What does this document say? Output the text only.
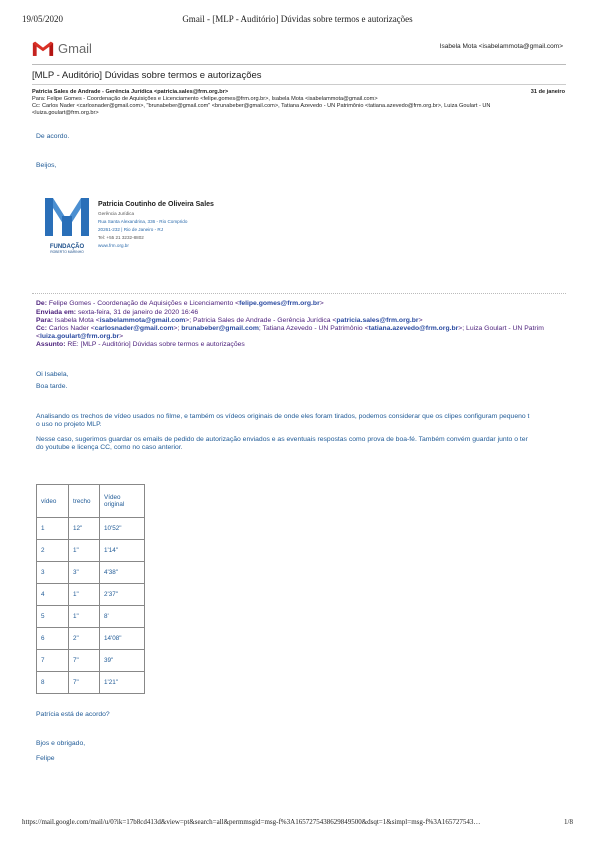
19/05/2020	Gmail - [MLP - Auditório] Dúvidas sobre termos e autorizações
Gmail	Isabela Mota <isabelammota@gmail.com>
[MLP - Auditório] Dúvidas sobre termos e autorizações
Patricia Sales de Andrade - Gerência Jurídica <patricia.sales@frm.org.br>	31 de janeiro
Para: Felipe Gomes - Coordenação de Aquisições e Licenciamento <felipe.gomes@frm.org.br>, Isabela Mota <isabelammota@gmail.com>
Cc: Carlos Nader <carlosnader@gmail.com>, "brunabeber@gmail.com" <brunabeber@gmail.com>, Tatiana Azevedo - UN Patrimônio <tatiana.azevedo@frm.org.br>, Luiza Goulart - UN
<luiza.goulart@frm.org.br>
De acordo.
Beijos,
FUNDAÇÃO
ROBERTO MARINHO
Patricia Coutinho de Oliveira Sales
Gerência Jurídica
Rua Santa Alexandrina, 336 - Rio Comprido
20261-232 | Rio de Janeiro - RJ
Tel: +55 21 3232-8802
www.frm.org.br
De: Felipe Gomes - Coordenação de Aquisições e Licenciamento <felipe.gomes@frm.org.br>
Enviada em: sexta-feira, 31 de janeiro de 2020 16:46
Para: Isabela Mota <isabelammota@gmail.com>; Patricia Sales de Andrade - Gerência Jurídica <patricia.sales@frm.org.br>
Cc: Carlos Nader <carlosnader@gmail.com>; brunabeber@gmail.com; Tatiana Azevedo - UN Patrimônio <tatiana.azevedo@frm.org.br>; Luiza Goulart - UN Patrim
<luiza.goulart@frm.org.br>
Assunto: RE: [MLP - Auditório] Dúvidas sobre termos e autorizações
Oi Isabela,
Boa tarde.
Analisando os trechos de vídeo usados no filme, e também os vídeos originais de onde eles foram tirados, podemos considerar que os clipes configuram pequeno t
o uso no projeto MLP.
Nesse caso, sugerimos guardar os emails de pedido de autorização enviados e as eventuais respostas como prova de boa-fé. Também convém guardar junto o ter
do youtube e licença CC, como no caso anterior.
vídeo	trecho	Vídeo original
1	12"	10'52"
2	1"	1'14"
3	3"	4'38"
4	1"	2'37"
5	1"	8'
6	2"	14'08"
7	7"	39"
8	7"	1'21"
Patrícia está de acordo?
Bjos e obrigado,
Felipe
https://mail.google.com/mail/u/0?ik=17b8cd413d&view=pt&search=all&permmsgid=msg-f%3A1657275438629849500&dsqt=1&simpl=msg-f%3A165727543…	1/8
